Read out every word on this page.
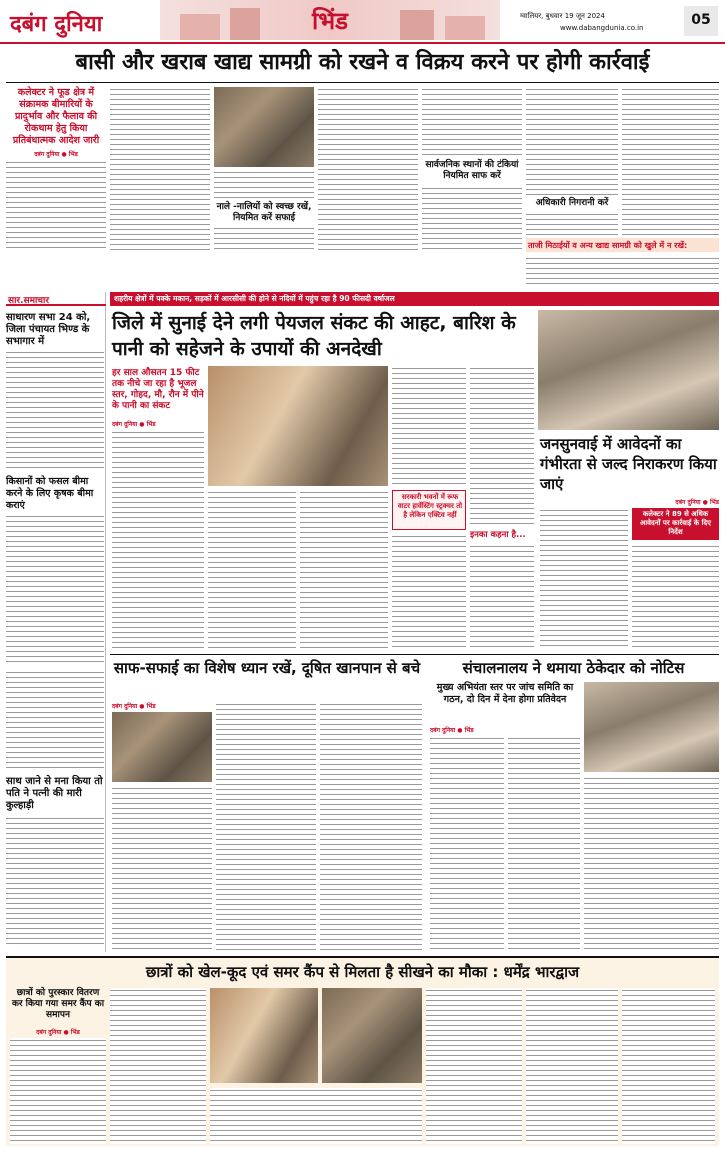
दबंग दुनिया	भिंड	ग्वालियर, बुधवार 19 जून 2024
www.dabangdunia.co.in	05
बासी और खराब खाद्य सामग्री को रखने व विक्रय करने पर होगी कार्रवाई
कलेक्टर ने फूड क्षेत्र में संक्रामक बीमारियों के प्रादुर्भाव और फैलाव की रोकथाम हेतु किया प्रतिबंधात्मक आदेश जारी
दबंग दुनिया ● भिंड
नाले -नालियों को स्वच्छ रखें, नियमित करें सफाई
सार्वजनिक स्थानों की टंकियां नियमित साफ करें
अधिकारी निगरानी करें
ताजी मिठाईयों व अन्य खाद्य सामग्री को खुले में न रखें:
सार.समाचार
साधारण सभा 24 को, जिला पंचायत भिण्ड के सभागार में
किसानों को फसल बीमा करने के लिए कृषक बीमा कराएं
साथ जाने से मना किया तो पति ने पत्नी की मारी कुल्हाड़ी
शहरीय क्षेत्रों में पक्के मकान, सड़कों में आरसीसी की होने से नदियों में पहुंच रहा है 90 फीसदी वर्षाजल
जिले में सुनाई देने लगी पेयजल संकट की आहट, बारिश के पानी को सहेजने के उपायों की अनदेखी
हर साल औसतन 15 फीट तक नीचे जा रहा है भूजल स्तर, गोहद, मौ, रौन में पीने के पानी का संकट
दबंग दुनिया ● भिंड
सरकारी भवनों में रूफ वाटर हार्वेस्टिंग स्ट्रक्चर तो है लेकिन एक्टिव नहीं
इनका कहना है...
जनसुनवाई में आवेदनों का गंभीरता से जल्द निराकरण किया जाएं
दबंग दुनिया ● भिंड
कलेक्टर ने 89 से अधिक आवेदनों पर कार्रवाई के दिए निर्देश
साफ-सफाई का विशेष ध्यान रखें, दूषित खानपान से बचे
दबंग दुनिया ● भिंड
संचालनालय ने थमाया ठेकेदार को नोटिस
मुख्य अभियंता स्तर पर जांच समिति का गठन, दो दिन में देना होगा प्रतिवेदन
दबंग दुनिया ● भिंड
छात्रों को खेल-कूद एवं समर कैंप से मिलता है सीखने का मौका : धर्मेंद्र भारद्वाज
छात्रों को पुरस्कार वितरण कर किया गया समर कैंप का समापन
दबंग दुनिया ● भिंड
